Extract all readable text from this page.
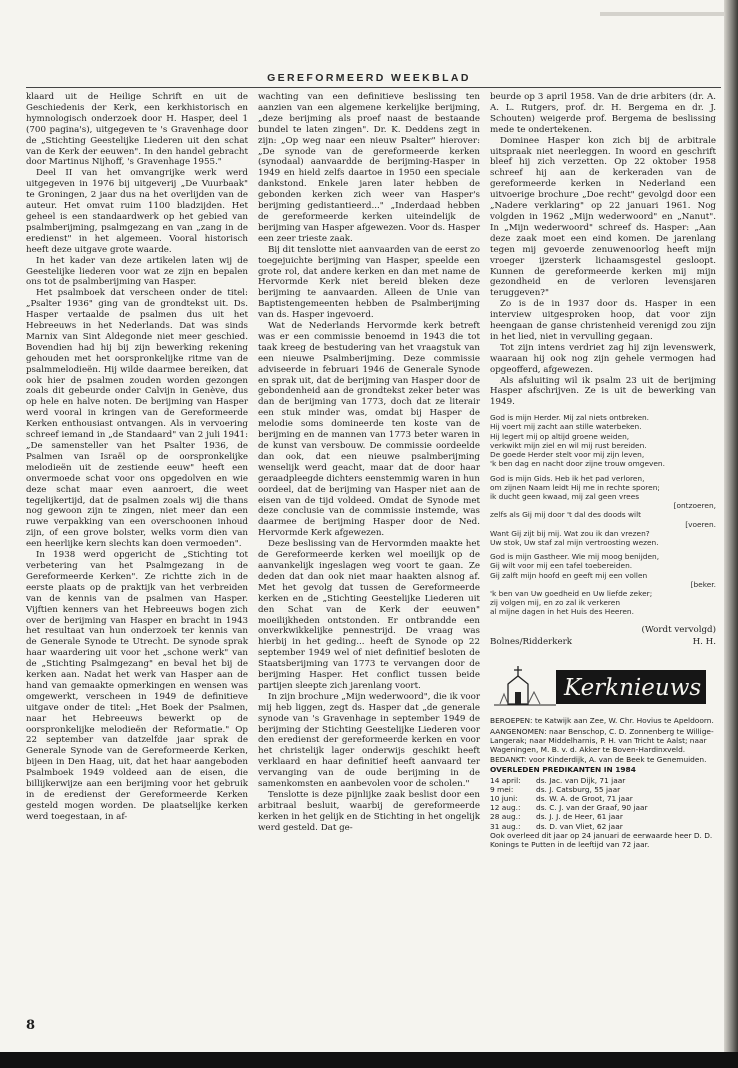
GEREFORMEERD WEEKBLAD

klaard uit de Heilige Schrift en uit de Geschiedenis der Kerk, een kerkhistorisch en hymnologisch onderzoek door H. Hasper, deel 1 (700 pagina's), uitgegeven te 's Gravenhage door de „Stichting Geestelijke Liederen uit den schat van de Kerk der eeuwen". In den handel gebracht door Martinus Nijhoff, 's Gravenhage 1955."

Deel II van het omvangrijke werk werd uitgegeven in 1976 bij uitgeverij „De Vuurbaak" te Groningen, 2 jaar dus na het overlijden van de auteur. Het omvat ruim 1100 bladzijden. Het geheel is een standaardwerk op het gebied van psalmberijming, psalmgezang en van „zang in de eredienst" in het algemeen. Vooral historisch heeft deze uitgave grote waarde.

In het kader van deze artikelen laten wij de Geestelijke liederen voor wat ze zijn en bepalen ons tot de psalmberijming van Hasper.

Het psalmboek dat verscheen onder de titel: „Psalter 1936" ging van de grondtekst uit. Ds. Hasper vertaalde de psalmen dus uit het Hebreeuws in het Nederlands. Dat was sinds Marnix van Sint Aldegonde niet meer geschied. Bovendien had hij bij zijn bewerking rekening gehouden met het oorspronkelijke ritme van de psalmmelodieën. Hij wilde daarmee bereiken, dat ook hier de psalmen zouden worden gezongen zoals dit gebeurde onder Calvijn in Genève, dus op hele en halve noten. De berijming van Hasper werd vooral in kringen van de Gereformeerde Kerken enthousiast ontvangen. Als in vervoering schreef iemand in „de Standaard" van 2 juli 1941: „De samensteller van het Psalter 1936, de Psalmen van Israël op de oorspronkelijke melodieën uit de zestiende eeuw" heeft een onvermoede schat voor ons opgedolven en wie deze schat maar even aanroert, die weet tegelijkertijd, dat de psalmen zoals wij die thans nog gewoon zijn te zingen, niet meer dan een ruwe verpakking van een overschoonen inhoud zijn, of een grove bolster, welks vorm dien van een heerlijke kern slechts kan doen vermoeden".

In 1938 werd opgericht de „Stichting tot verbetering van het Psalmgezang in de Gereformeerde Kerken". Ze richtte zich in de eerste plaats op de praktijk van het verbreiden van de kennis van de psalmen van Hasper. Vijftien kenners van het Hebreeuws bogen zich over de berijming van Hasper en bracht in 1943 het resultaat van hun onderzoek ter kennis van de Generale Synode te Utrecht. De synode sprak haar waardering uit voor het „schone werk" van de „Stichting Psalmgezang" en beval het bij de kerken aan. Nadat het werk van Hasper aan de hand van gemaakte opmerkingen en wensen was omgewerkt, verscheen in 1949 de definitieve uitgave onder de titel: „Het Boek der Psalmen, naar het Hebreeuws bewerkt op de oorspronkelijke melodieën der Reformatie." Op 22 september van datzelfde jaar sprak de Generale Synode van de Gereformeerde Kerken, bijeen in Den Haag, uit, dat het haar aangeboden Psalmboek 1949 voldeed aan de eisen, die billijkerwijze aan een berijming voor het gebruik in de eredienst der Gereformeerde Kerken gesteld mogen worden. De plaatselijke kerken werd toegestaan, in af-

wachting van een definitieve beslissing ten aanzien van een algemene kerkelijke berijming, „deze berijming als proef naast de bestaande bundel te laten zingen". Dr. K. Deddens zegt in zijn: „Op weg naar een nieuw Psalter" hierover: „De synode van de gereformeerde kerken (synodaal) aanvaardde de berijming-Hasper in 1949 en hield zelfs daartoe in 1950 een speciale dankstond. Enkele jaren later hebben de gebonden kerken zich weer van Hasper's berijming gedistantieerd..." „Inderdaad hebben de gereformeerde kerken uiteindelijk de berijming van Hasper afgewezen. Voor ds. Hasper een zeer trieste zaak.

Bij dit tenslotte niet aanvaarden van de eerst zo toegejuichte berijming van Hasper, speelde een grote rol, dat andere kerken en dan met name de Hervormde Kerk niet bereid bleken deze berijming te aanvaarden. Alleen de Unie van Baptistengemeenten hebben de Psalmberijming van ds. Hasper ingevoerd.

Wat de Nederlands Hervormde kerk betreft was er een commissie benoemd in 1943 die tot taak kreeg de bestudering van het vraagstuk van een nieuwe Psalmberijming. Deze commissie adviseerde in februari 1946 de Generale Synode en sprak uit, dat de berijming van Hasper door de gebondenheid aan de grondtekst zeker beter was dan de berijming van 1773, doch dat ze literair een stuk minder was, omdat bij Hasper de melodie soms domineerde ten koste van de berijming en de mannen van 1773 beter waren in de kunst van versbouw. De commissie oordeelde dan ook, dat een nieuwe psalmberijming wenselijk werd geacht, maar dat de door haar geraadpleegde dichters eenstemmig waren in hun oordeel, dat de berijming van Hasper niet aan de eisen van de tijd voldeed. Omdat de Synode met deze conclusie van de commissie instemde, was daarmee de berijming Hasper door de Ned. Hervormde Kerk afgewezen.

Deze beslissing van de Hervormden maakte het de Gereformeerde kerken wel moeilijk op de aanvankelijk ingeslagen weg voort te gaan. Ze deden dat dan ook niet maar haakten alsnog af. Met het gevolg dat tussen de Gereformeerde kerken en de „Stichting Geestelijke Liederen uit den Schat van de Kerk der eeuwen" moeilijkheden ontstonden. Er ontbrandde een onverkwikkelijke pennestrijd. De vraag was hierbij in het geding... heeft de Synode op 22 september 1949 wel of niet definitief besloten de Staatsberijming van 1773 te vervangen door de berijming Hasper. Het conflict tussen beide partijen sleepte zich jarenlang voort.

In zijn brochure „Mijn wederwoord", die ik voor mij heb liggen, zegt ds. Hasper dat „de generale synode van 's Gravenhage in september 1949 de berijming der Stichting Geestelijke Liederen voor den eredienst der gereformeerde kerken en voor het christelijk lager onderwijs geschikt heeft verklaard en haar definitief heeft aanvaard ter vervanging van de oude berijming in de samenkomsten en aanbevolen voor de scholen."

Tenslotte is deze pijnlijke zaak beslist door een arbitraal besluit, waarbij de gereformeerde kerken in het gelijk en de Stichting in het ongelijk werd gesteld. Dat ge-

beurde op 3 april 1958. Van de drie arbiters (dr. A. A. L. Rutgers, prof. dr. H. Bergema en dr. J. Schouten) weigerde prof. Bergema de beslissing mede te ondertekenen.

Dominee Hasper kon zich bij de arbitrale uitspraak niet neerleggen. In woord en geschrift bleef hij zich verzetten. Op 22 oktober 1958 schreef hij aan de kerkeraden van de gereformeerde kerken in Nederland een uitvoerige brochure „Doe recht" gevolgd door een „Nadere verklaring" op 22 januari 1961. Nog volgden in 1962 „Mijn wederwoord" en „Nanut". In „Mijn wederwoord" schreef ds. Hasper: „Aan deze zaak moet een eind komen. De jarenlang tegen mij gevoerde zenuwenoorlog heeft mijn vroeger ijzersterk lichaamsgestel gesloopt. Kunnen de gereformeerde kerken mij mijn gezondheid en de verloren levensjaren teruggeven?"

Zo is de in 1937 door ds. Hasper in een interview uitgesproken hoop, dat voor zijn heengaan de ganse christenheid verenigd zou zijn in het lied, niet in vervulling gegaan.

Tot zijn intens verdriet zag hij zijn levenswerk, waaraan hij ook nog zijn gehele vermogen had opgeofferd, afgewezen.

Als afsluiting wil ik psalm 23 uit de berijming Hasper afschrijven. Ze is uit de bewerking van 1949.

God is mijn Herder. Mij zal niets ontbreken.
Hij voert mij zacht aan stille waterbeken.
Hij legert mij op altijd groene weiden,
verkwikt mijn ziel en wil mij rust bereiden.
De goede Herder stelt voor mij zijn leven,
'k ben dag en nacht door zijne trouw omgeven.
God is mijn Gids. Heb ik het pad verloren,
om zijnen Naam leidt Hij me in rechte sporen;
ik ducht geen kwaad, mij zal geen vrees
[ontzoeren,
zelfs als Gij mij door 't dal des doods wilt
[voeren.
Want Gij zijt bij mij. Wat zou ik dan vrezen?
Uw stok, Uw staf zal mijn vertroosting wezen.
God is mijn Gastheer. Wie mij moog benijden,
Gij wilt voor mij een tafel toebereiden.
Gij zalft mijn hoofd en geeft mij een vollen
[beker.
'k ben van Uw goedheid en Uw liefde zeker;
zij volgen mij, en zo zal ik verkeren
al mijne dagen in het Huis des Heeren.
(Wordt vervolgd)
Bolnes/Ridderkerk	H. H.
Kerknieuws

BEROEPEN: te Katwijk aan Zee, W. Chr. Hovius te Apeldoorn.

AANGENOMEN: naar Benschop, C. D. Zonnenberg te Willige-Langerak; naar Middelharnis, P. H. van Tricht te Aalst; naar Wageningen, M. B. v. d. Akker te Boven-Hardinxveld.

BEDANKT: voor Kinderdijk, A. van de Beek te Genemuiden.

OVERLEDEN PREDIKANTEN IN 1984

14 april:	ds. Jac. van Dijk, 71 jaar
9 mei:	ds. J. Catsburg, 55 jaar
10 juni:	ds. W. A. de Groot, 71 jaar
12 aug.:	ds. C. J. van der Graaf, 90 jaar
28 aug.:	ds. J. J. de Heer, 61 jaar
31 aug.:	ds. D. van Vliet, 62 jaar

Ook overleed dit jaar op 24 januari de eerwaarde heer D. D. Konings te Putten in de leeftijd van 72 jaar.

8
